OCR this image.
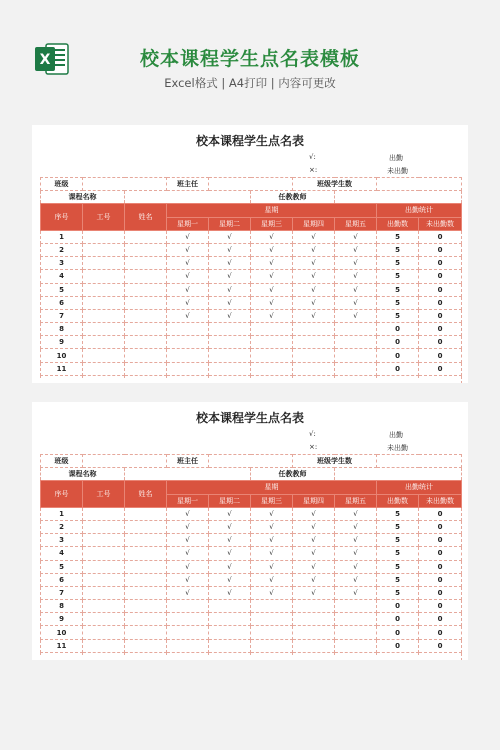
X	校本课程学生点名表模板
Excel格式 | A4打印 | 内容可更改
校本课程学生点名表
√:	出勤
×:	未出勤
班级			班主任			班级学生数			
课程名称					任教教师				
序号	工号	姓名	星期					出勤统计	
			星期一	星期二	星期三	星期四	星期五	出勤数	未出勤数
1			√	√	√	√	√	5	0
2			√	√	√	√	√	5	0
3			√	√	√	√	√	5	0
4			√	√	√	√	√	5	0
5			√	√	√	√	√	5	0
6			√	√	√	√	√	5	0
7			√	√	√	√	√	5	0
8								0	0
9								0	0
10								0	0
11								0	0

校本课程学生点名表
√:	出勤
×:	未出勤
班级			班主任			班级学生数			
课程名称					任教教师				
序号	工号	姓名	星期					出勤统计	
			星期一	星期二	星期三	星期四	星期五	出勤数	未出勤数
1			√	√	√	√	√	5	0
2			√	√	√	√	√	5	0
3			√	√	√	√	√	5	0
4			√	√	√	√	√	5	0
5			√	√	√	√	√	5	0
6			√	√	√	√	√	5	0
7			√	√	√	√	√	5	0
8								0	0
9								0	0
10								0	0
11								0	0
